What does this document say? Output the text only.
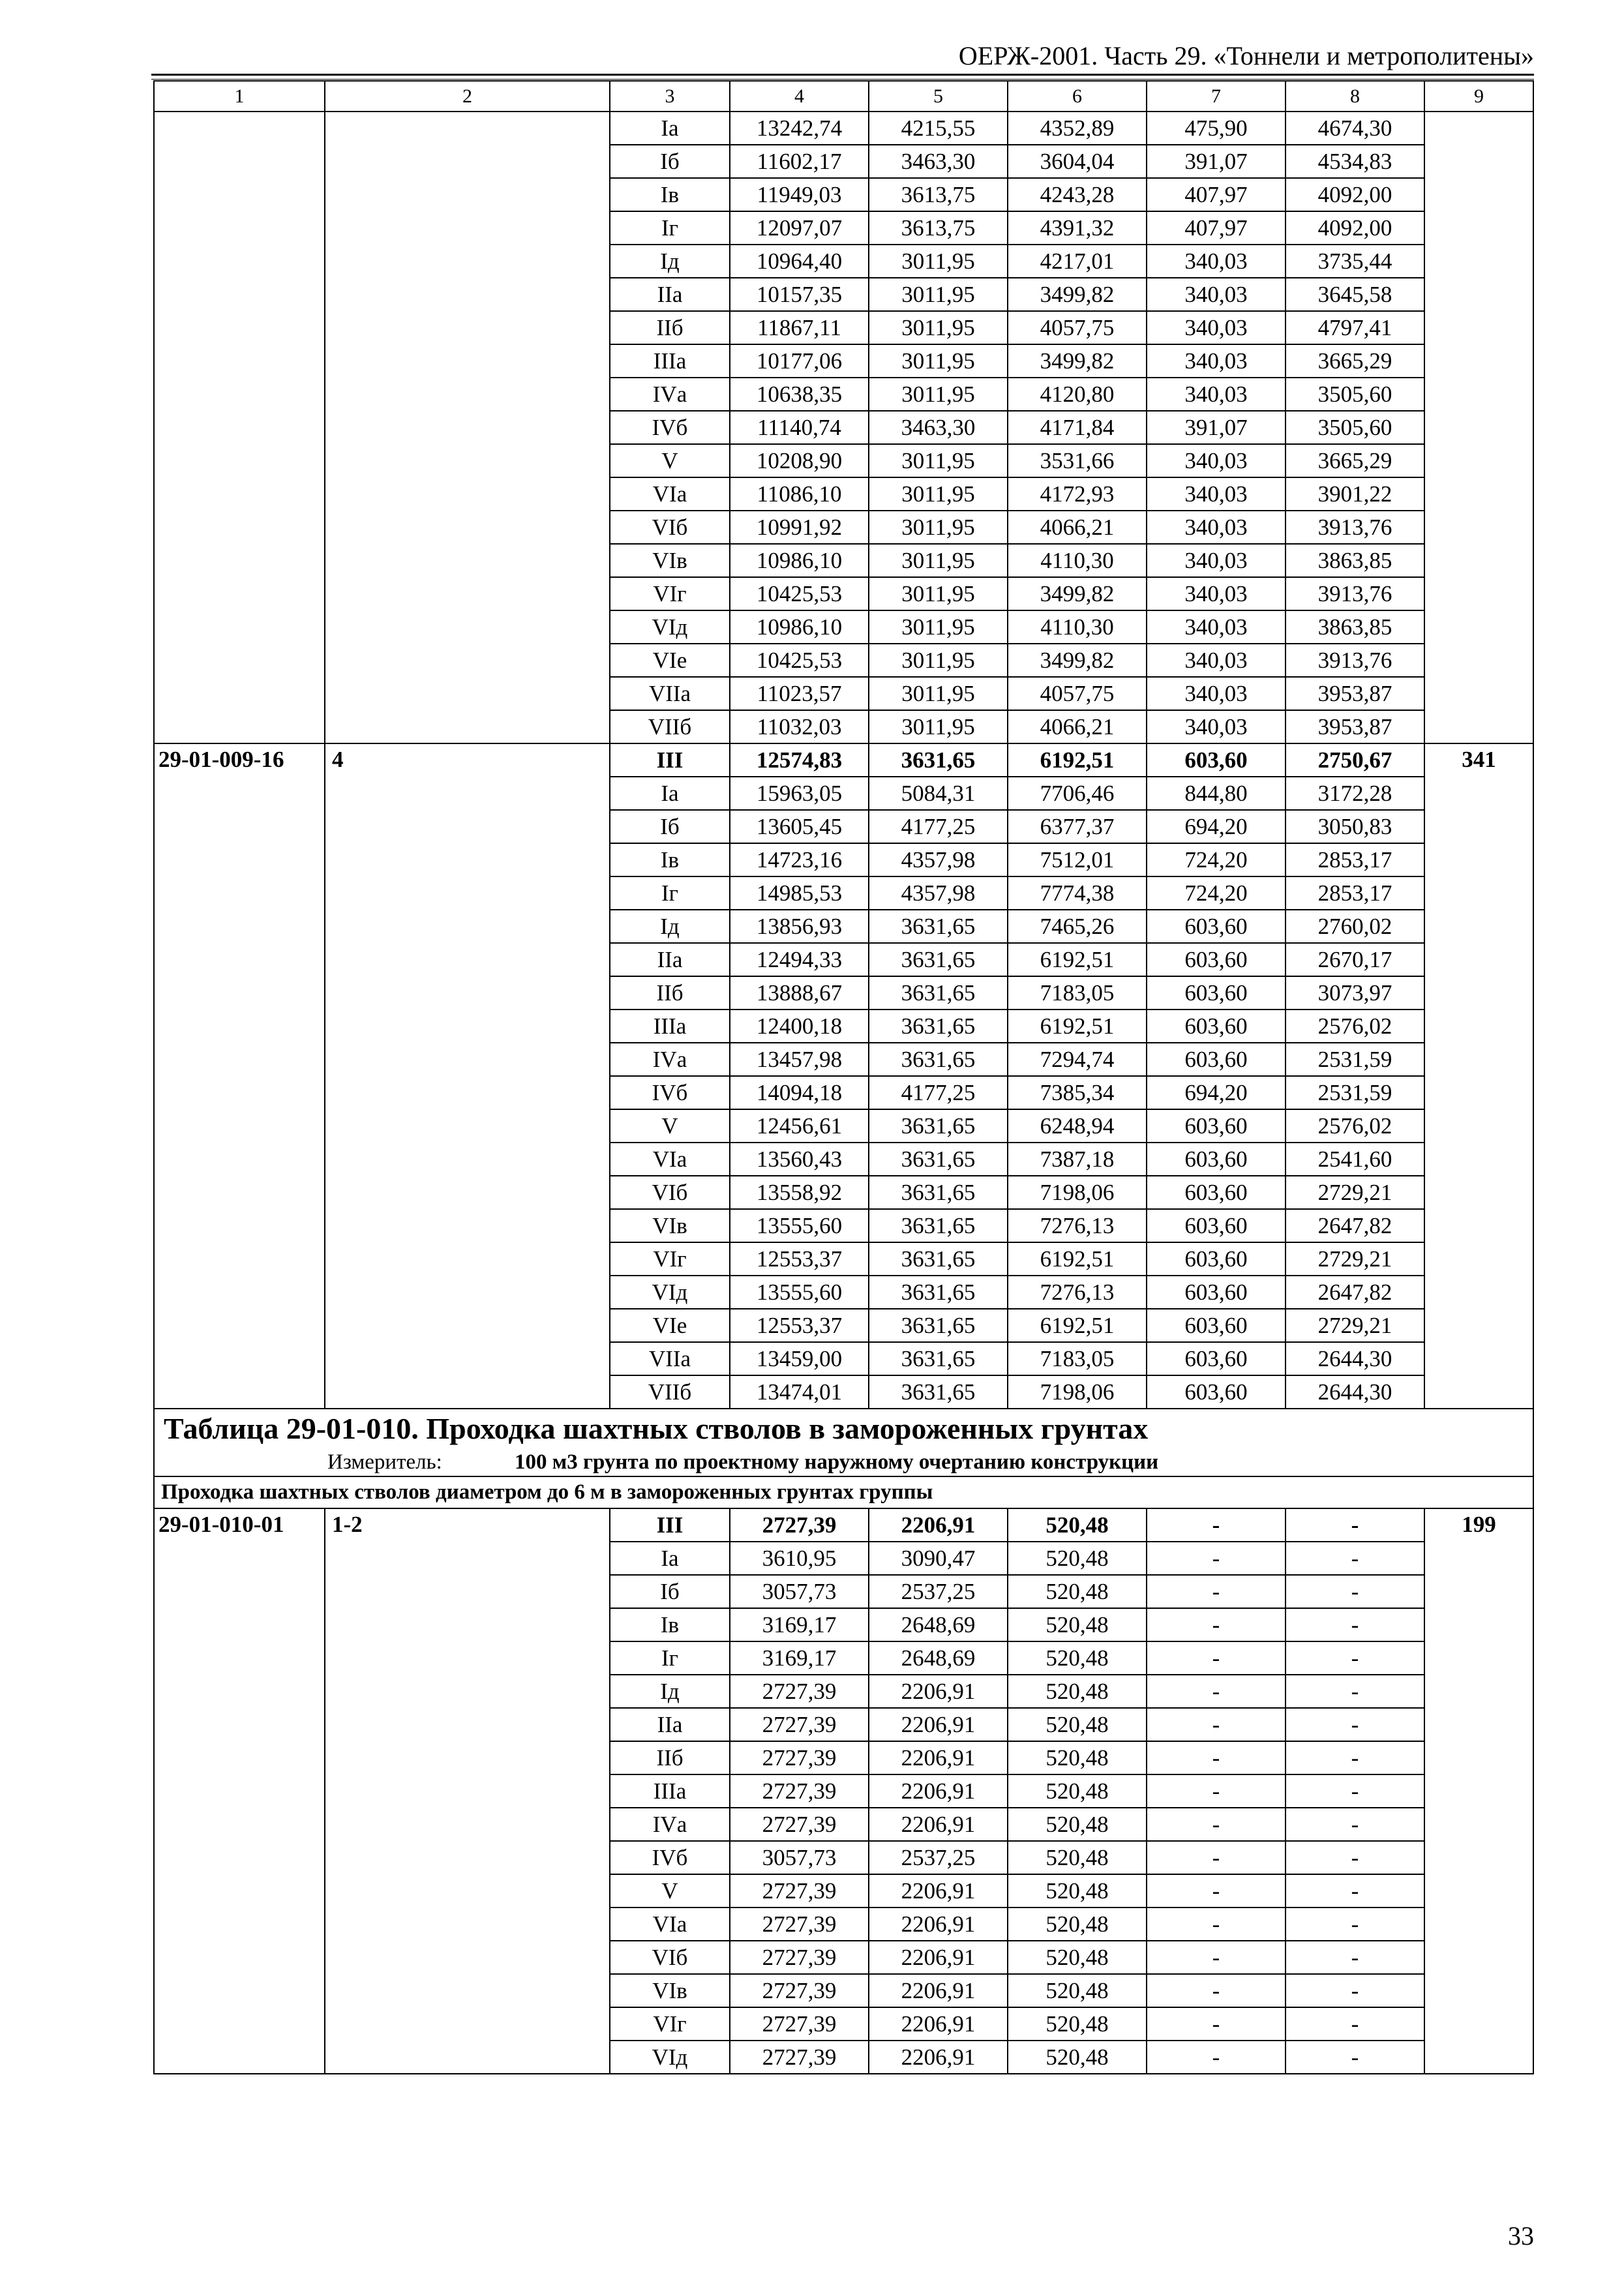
ОЕРЖ-2001. Часть 29. «Тоннели и метрополитены»
1	2	3	4	5	6	7	8	9
		Iа	13242,74	4215,55	4352,89	475,90	4674,30	
		Iб	11602,17	3463,30	3604,04	391,07	4534,83	
		Iв	11949,03	3613,75	4243,28	407,97	4092,00	
		Iг	12097,07	3613,75	4391,32	407,97	4092,00	
		Iд	10964,40	3011,95	4217,01	340,03	3735,44	
		IIа	10157,35	3011,95	3499,82	340,03	3645,58	
		IIб	11867,11	3011,95	4057,75	340,03	4797,41	
		IIIа	10177,06	3011,95	3499,82	340,03	3665,29	
		IVа	10638,35	3011,95	4120,80	340,03	3505,60	
		IVб	11140,74	3463,30	4171,84	391,07	3505,60	
		V	10208,90	3011,95	3531,66	340,03	3665,29	
		VIа	11086,10	3011,95	4172,93	340,03	3901,22	
		VIб	10991,92	3011,95	4066,21	340,03	3913,76	
		VIв	10986,10	3011,95	4110,30	340,03	3863,85	
		VIг	10425,53	3011,95	3499,82	340,03	3913,76	
		VIд	10986,10	3011,95	4110,30	340,03	3863,85	
		VIе	10425,53	3011,95	3499,82	340,03	3913,76	
		VIIа	11023,57	3011,95	4057,75	340,03	3953,87	
		VIIб	11032,03	3011,95	4066,21	340,03	3953,87	
29-01-009-16	4	III	12574,83	3631,65	6192,51	603,60	2750,67	341
		Iа	15963,05	5084,31	7706,46	844,80	3172,28	
		Iб	13605,45	4177,25	6377,37	694,20	3050,83	
		Iв	14723,16	4357,98	7512,01	724,20	2853,17	
		Iг	14985,53	4357,98	7774,38	724,20	2853,17	
		Iд	13856,93	3631,65	7465,26	603,60	2760,02	
		IIа	12494,33	3631,65	6192,51	603,60	2670,17	
		IIб	13888,67	3631,65	7183,05	603,60	3073,97	
		IIIа	12400,18	3631,65	6192,51	603,60	2576,02	
		IVа	13457,98	3631,65	7294,74	603,60	2531,59	
		IVб	14094,18	4177,25	7385,34	694,20	2531,59	
		V	12456,61	3631,65	6248,94	603,60	2576,02	
		VIа	13560,43	3631,65	7387,18	603,60	2541,60	
		VIб	13558,92	3631,65	7198,06	603,60	2729,21	
		VIв	13555,60	3631,65	7276,13	603,60	2647,82	
		VIг	12553,37	3631,65	6192,51	603,60	2729,21	
		VIд	13555,60	3631,65	7276,13	603,60	2647,82	
		VIе	12553,37	3631,65	6192,51	603,60	2729,21	
		VIIа	13459,00	3631,65	7183,05	603,60	2644,30	
		VIIб	13474,01	3631,65	7198,06	603,60	2644,30	
Таблица 29-01-010. Проходка шахтных стволов в замороженных грунтах								
Измеритель: 100 м3 грунта по проектному наружному очертанию конструкции								
Проходка шахтных стволов диаметром до 6 м в замороженных грунтах группы								
29-01-010-01	1-2	III	2727,39	2206,91	520,48	-	-	199
		Iа	3610,95	3090,47	520,48	-	-	
		Iб	3057,73	2537,25	520,48	-	-	
		Iв	3169,17	2648,69	520,48	-	-	
		Iг	3169,17	2648,69	520,48	-	-	
		Iд	2727,39	2206,91	520,48	-	-	
		IIа	2727,39	2206,91	520,48	-	-	
		IIб	2727,39	2206,91	520,48	-	-	
		IIIа	2727,39	2206,91	520,48	-	-	
		IVа	2727,39	2206,91	520,48	-	-	
		IVб	3057,73	2537,25	520,48	-	-	
		V	2727,39	2206,91	520,48	-	-	
		VIа	2727,39	2206,91	520,48	-	-	
		VIб	2727,39	2206,91	520,48	-	-	
		VIв	2727,39	2206,91	520,48	-	-	
		VIг	2727,39	2206,91	520,48	-	-	
		VIд	2727,39	2206,91	520,48	-	-	
33
